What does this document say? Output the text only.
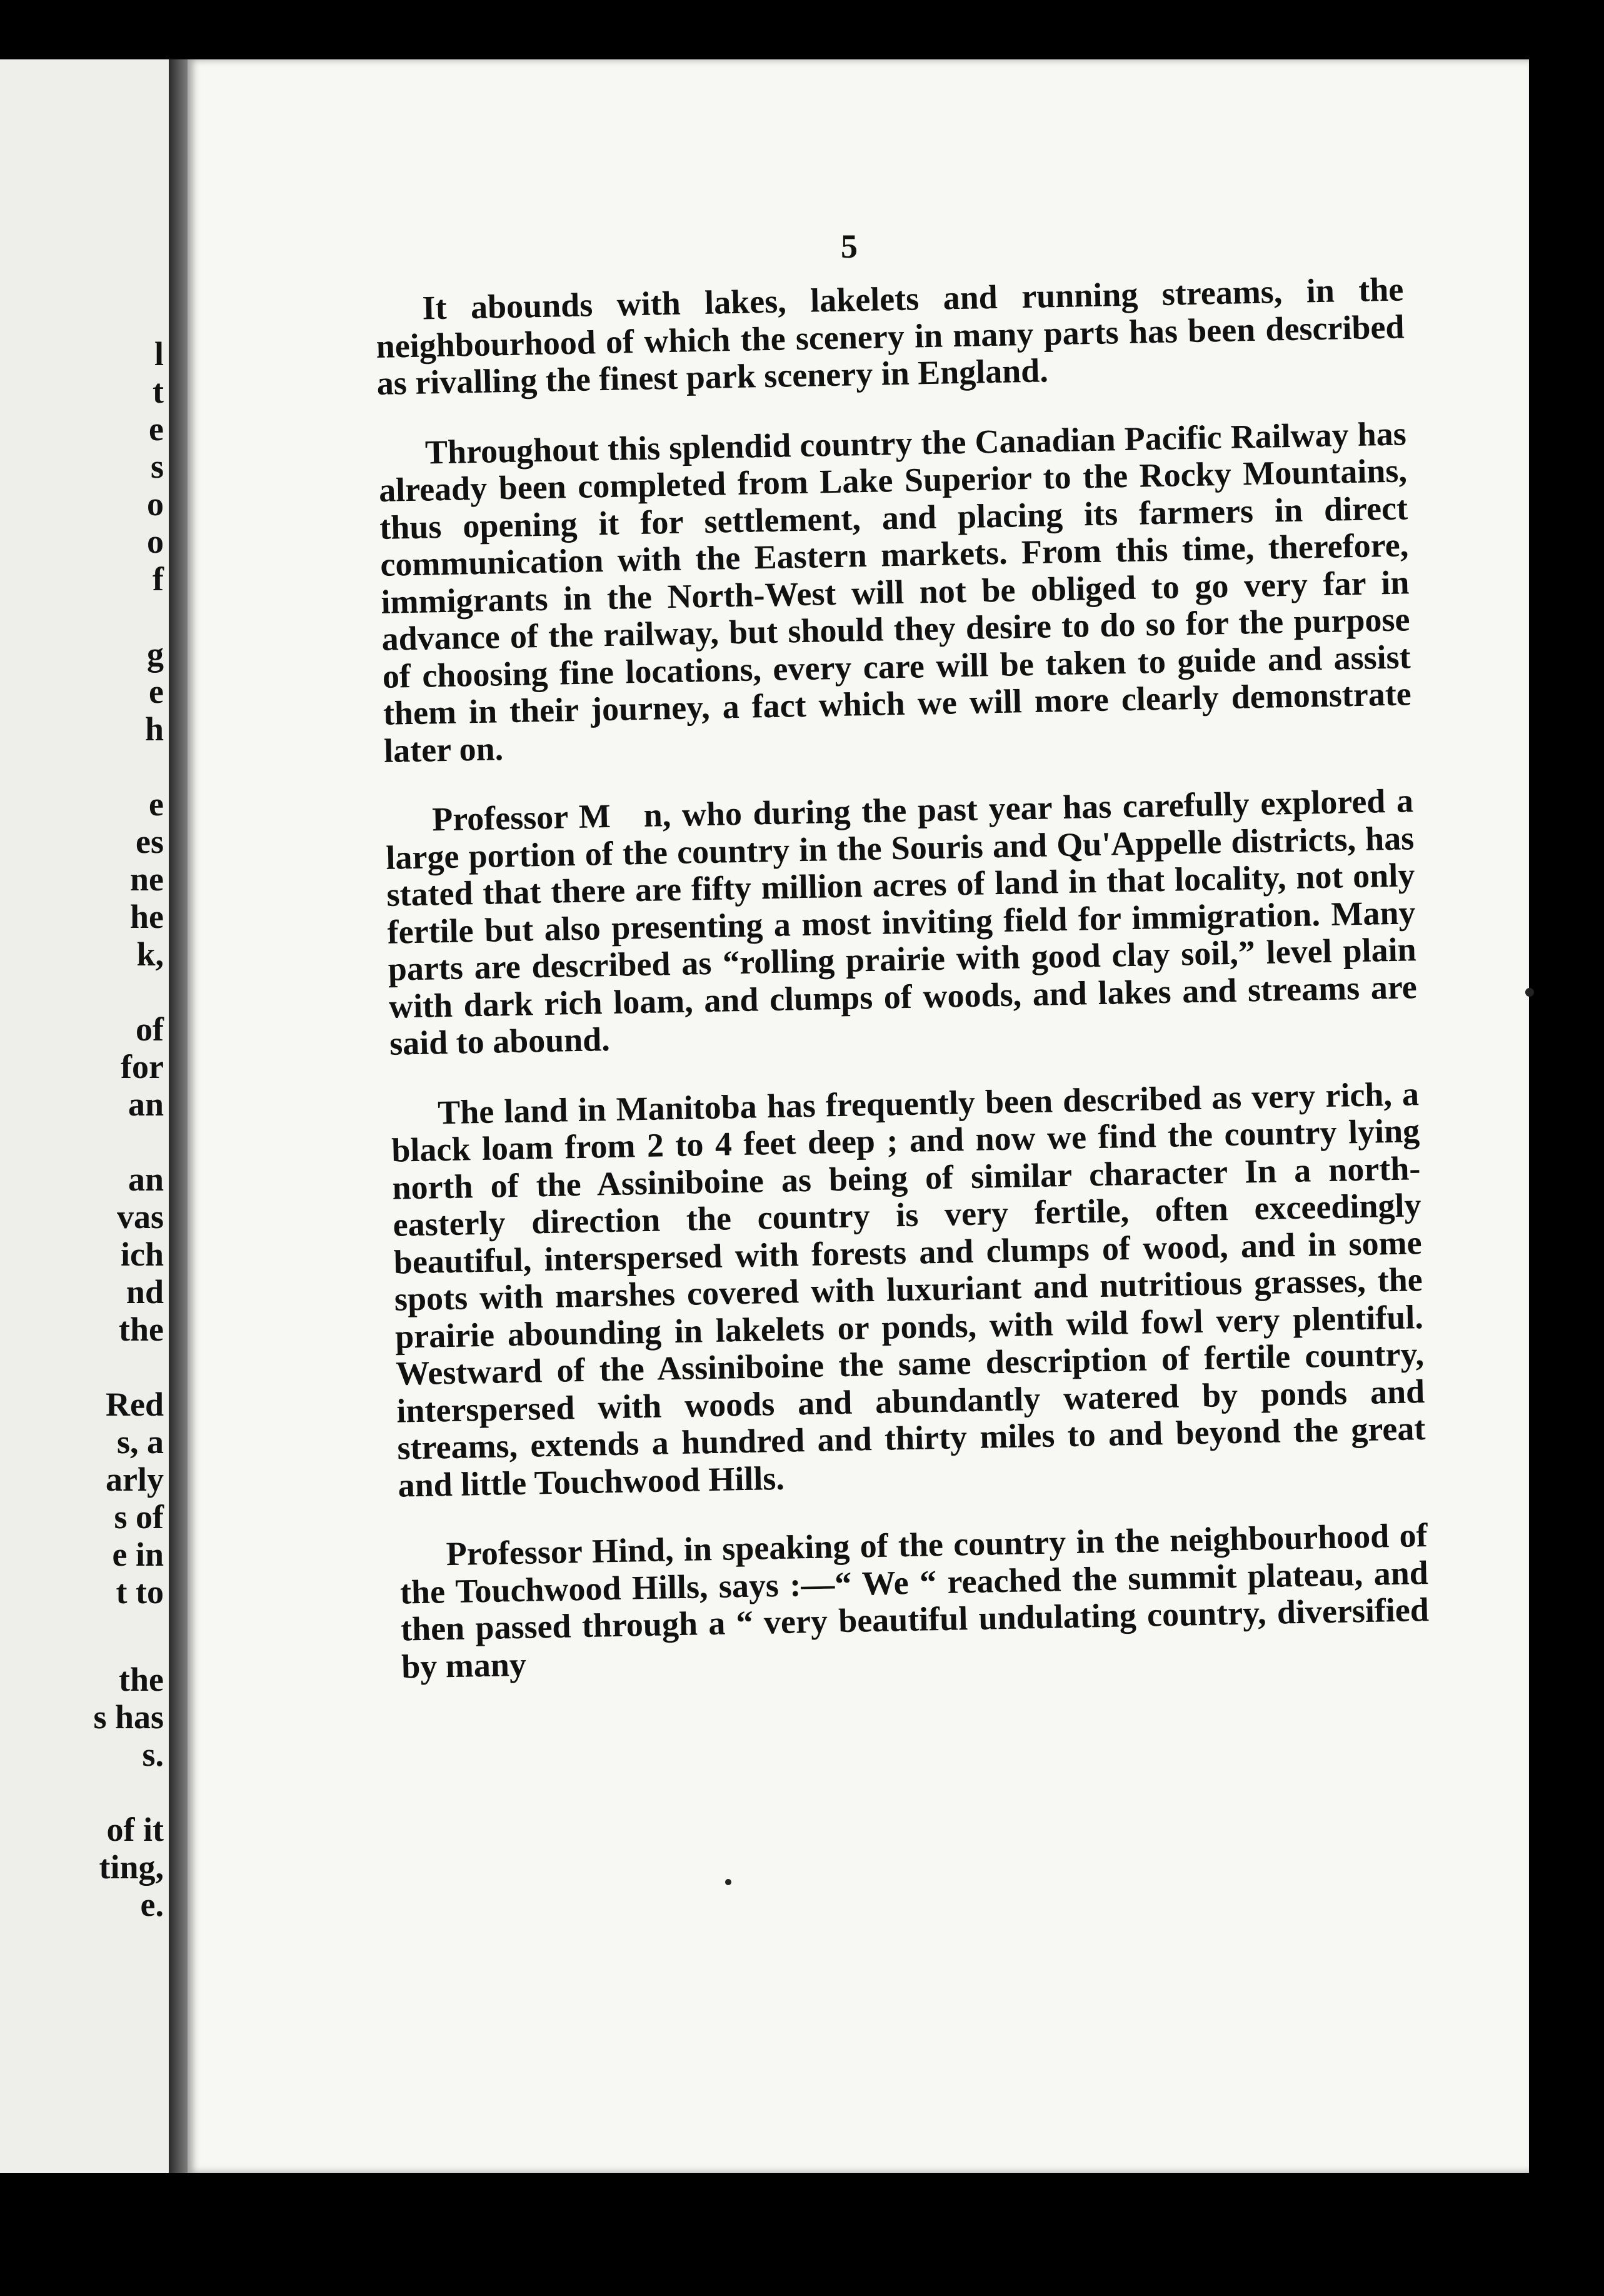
l
t
e
s
o
o
f
g
e
h
e
es
ne
he
k,
of
for
an
an
vas
ich
nd
the
Red
s, a
arly
s of
e in
t to
the
s has
s.
of it
ting,
e.
5

It abounds with lakes, lakelets and running streams, in the neighbourhood of which the scenery in many parts has been described as rivalling the finest park scenery in England.

Throughout this splendid country the Canadian Pacific Railway has already been completed from Lake Superior to the Rocky Mountains, thus opening it for settlement, and placing its farmers in direct communication with the Eastern markets. From this time, therefore, immigrants in the North-West will not be obliged to go very far in advance of the railway, but should they desire to do so for the purpose of choosing fine locations, every care will be taken to guide and assist them in their journey, a fact which we will more clearly demonstrate later on.

Professor M   n, who during the past year has carefully explored a large portion of the country in the Souris and Qu'Appelle districts, has stated that there are fifty million acres of land in that locality, not only fertile but also presenting a most inviting field for immigration. Many parts are described as “rolling prairie with good clay soil,” level plain with dark rich loam, and clumps of woods, and lakes and streams are said to abound.

The land in Manitoba has frequently been described as very rich, a black loam from 2 to 4 feet deep ; and now we find the country lying north of the Assiniboine as being of similar character In a north-easterly direction the country is very fertile, often exceedingly beautiful, interspersed with forests and clumps of wood, and in some spots with marshes covered with luxuriant and nutritious grasses, the prairie abounding in lakelets or ponds, with wild fowl very plentiful. Westward of the Assiniboine the same description of fertile country, interspersed with woods and abundantly watered by ponds and streams, extends a hundred and thirty miles to and beyond the great and little Touchwood Hills.

Professor Hind, in speaking of the country in the neighbourhood of the Touchwood Hills, says :—“ We “ reached the summit plateau, and then passed through a “ very beautiful undulating country, diversified by many
